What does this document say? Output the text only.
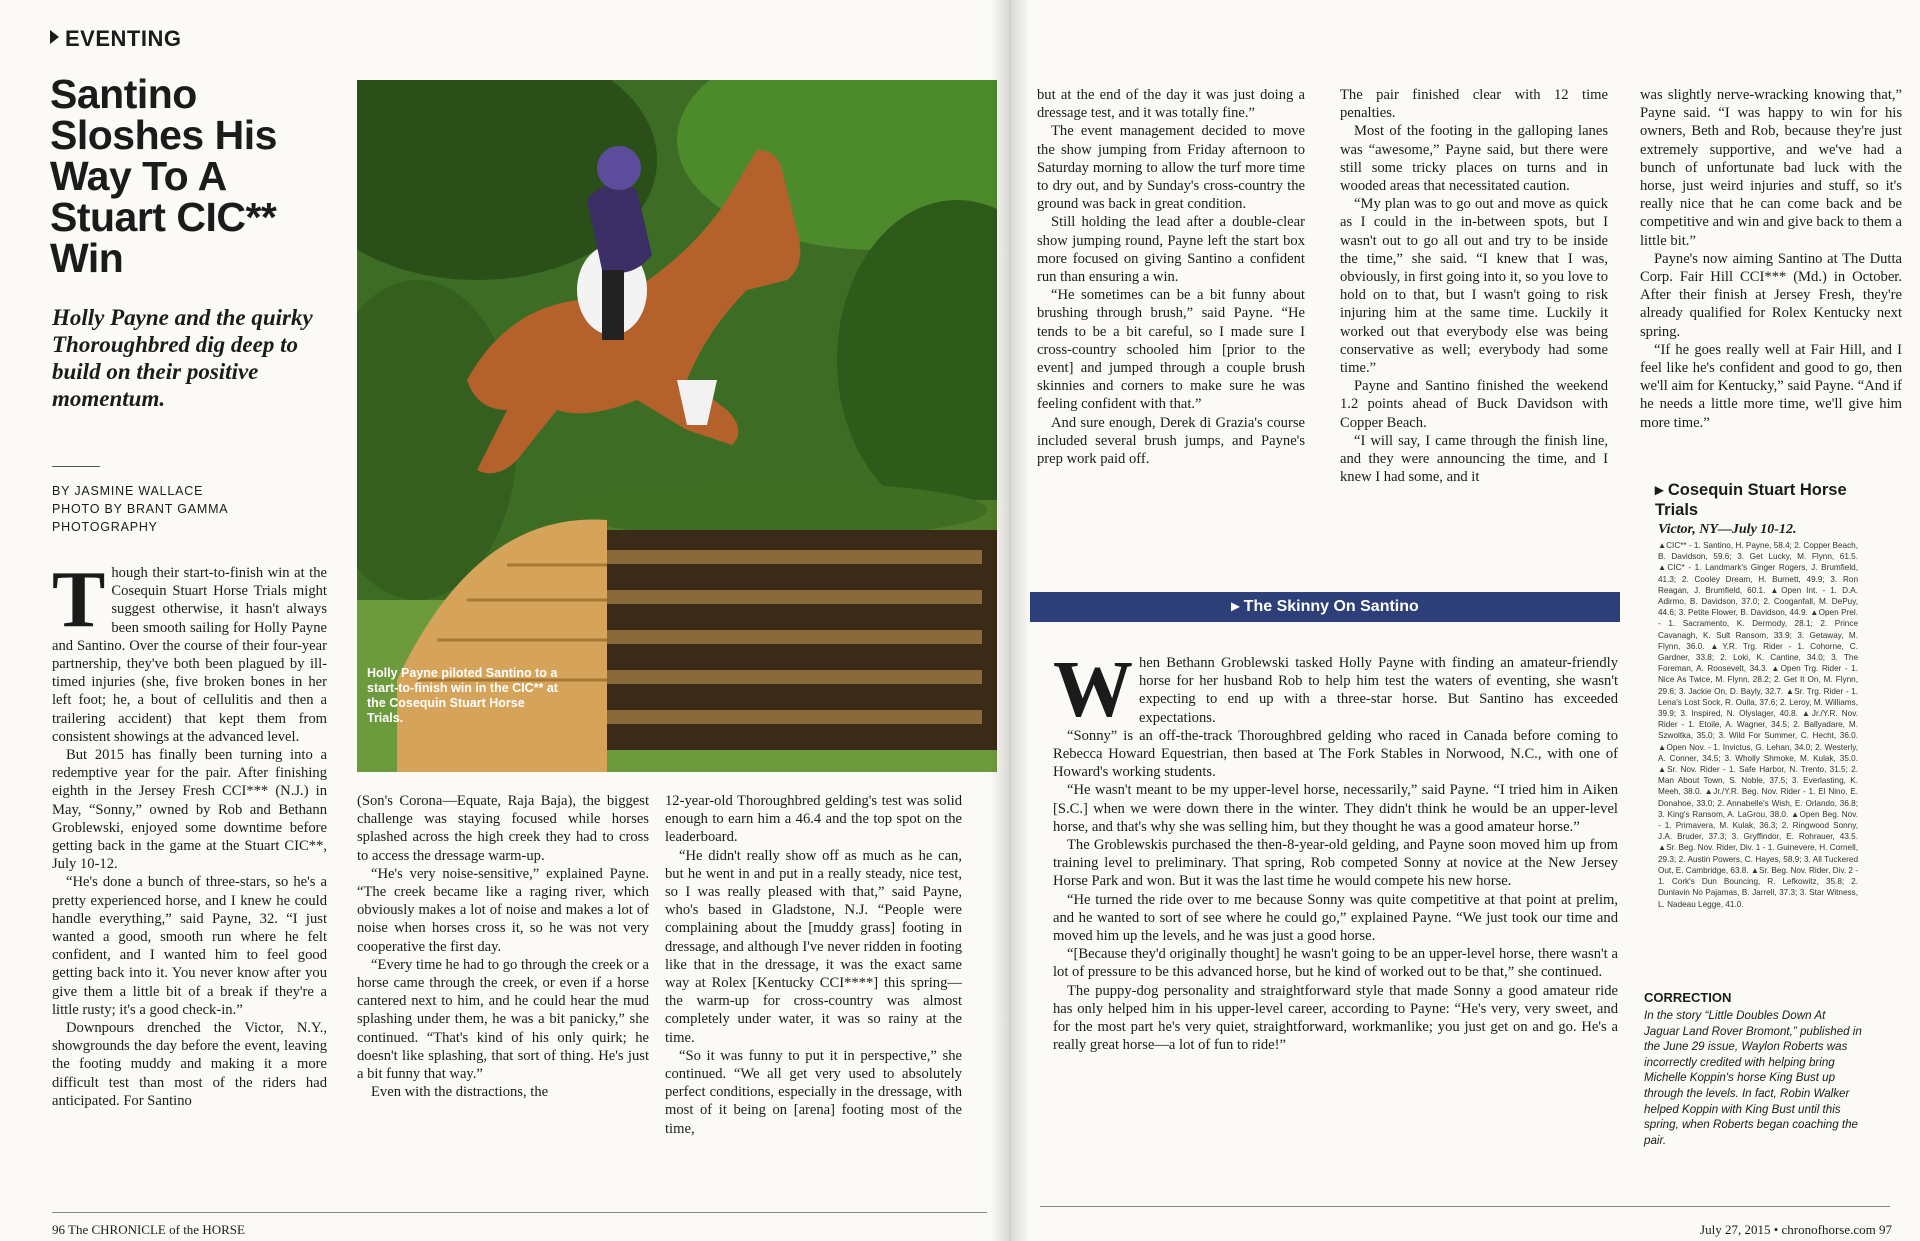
EVENTING
Santino Sloshes His Way To A Stuart CIC** Win
Holly Payne and the quirky Thoroughbred dig deep to build on their positive momentum.
BY JASMINE WALLACE
PHOTO BY BRANT GAMMA PHOTOGRAPHY

Though their start-to-finish win at the Cosequin Stuart Horse Trials might suggest otherwise, it hasn't always been smooth sailing for Holly Payne and Santino. Over the course of their four-year partnership, they've both been plagued by ill-timed injuries (she, five broken bones in her left foot; he, a bout of cellulitis and then a trailering accident) that kept them from consistent showings at the advanced level.

But 2015 has finally been turning into a redemptive year for the pair. After finishing eighth in the Jersey Fresh CCI*** (N.J.) in May, “Sonny,” owned by Rob and Bethann Groblewski, enjoyed some downtime before getting back in the game at the Stuart CIC**, July 10-12.

“He's done a bunch of three-stars, so he's a pretty experienced horse, and I knew he could handle everything,” said Payne, 32. “I just wanted a good, smooth run where he felt confident, and I wanted him to feel good getting back into it. You never know after you give them a little bit of a break if they're a little rusty; it's a good check-in.”

Downpours drenched the Victor, N.Y., showgrounds the day before the event, leaving the footing muddy and making it a more difficult test than most of the riders had anticipated. For Santino

Holly Payne piloted Santino to a start-to-finish win in the CIC** at the Cosequin Stuart Horse Trials.

(Son's Corona—Equate, Raja Baja), the biggest challenge was staying focused while horses splashed across the high creek they had to cross to access the dressage warm-up.

“He's very noise-sensitive,” explained Payne. “The creek became like a raging river, which obviously makes a lot of noise and makes a lot of noise when horses cross it, so he was not very cooperative the first day.

“Every time he had to go through the creek or a horse came through the creek, or even if a horse cantered next to him, and he could hear the mud splashing under them, he was a bit panicky,” she continued. “That's kind of his only quirk; he doesn't like splashing, that sort of thing. He's just a bit funny that way.”

Even with the distractions, the

12-year-old Thoroughbred gelding's test was solid enough to earn him a 46.4 and the top spot on the leaderboard.

“He didn't really show off as much as he can, but he went in and put in a really steady, nice test, so I was really pleased with that,” said Payne, who's based in Gladstone, N.J. “People were complaining about the [muddy grass] footing in dressage, and although I've never ridden in footing like that in the dressage, it was the exact same way at Rolex [Kentucky CCI****] this spring—the warm-up for cross-country was almost completely under water, it was so rainy at the time.

“So it was funny to put it in perspective,” she continued. “We all get very used to absolutely perfect conditions, especially in the dressage, with most of it being on [arena] footing most of the time,

96 The CHRONICLE of the HORSE	July 27, 2015 • chronofhorse.com 97

but at the end of the day it was just doing a dressage test, and it was totally fine.”

The event management decided to move the show jumping from Friday afternoon to Saturday morning to allow the turf more time to dry out, and by Sunday's cross-country the ground was back in great condition.

Still holding the lead after a double-clear show jumping round, Payne left the start box more focused on giving Santino a confident run than ensuring a win.

“He sometimes can be a bit funny about brushing through brush,” said Payne. “He tends to be a bit careful, so I made sure I cross-country schooled him [prior to the event] and jumped through a couple brush skinnies and corners to make sure he was feeling confident with that.”

And sure enough, Derek di Grazia's course included several brush jumps, and Payne's prep work paid off.

The pair finished clear with 12 time penalties.

Most of the footing in the galloping lanes was “awesome,” Payne said, but there were still some tricky places on turns and in wooded areas that necessitated caution.

“My plan was to go out and move as quick as I could in the in-between spots, but I wasn't out to go all out and try to be inside the time,” she said. “I knew that I was, obviously, in first going into it, so you love to hold on to that, but I wasn't going to risk injuring him at the same time. Luckily it worked out that everybody else was being conservative as well; everybody had some time.”

Payne and Santino finished the weekend 1.2 points ahead of Buck Davidson with Copper Beach.

“I will say, I came through the finish line, and they were announcing the time, and I knew I had some, and it

was slightly nerve-wracking knowing that,” Payne said. “I was happy to win for his owners, Beth and Rob, because they're just extremely supportive, and we've had a bunch of unfortunate bad luck with the horse, just weird injuries and stuff, so it's really nice that he can come back and be competitive and win and give back to them a little bit.”

Payne's now aiming Santino at The Dutta Corp. Fair Hill CCI*** (Md.) in October. After their finish at Jersey Fresh, they're already qualified for Rolex Kentucky next spring.

“If he goes really well at Fair Hill, and I feel like he's confident and good to go, then we'll aim for Kentucky,” said Payne. “And if he needs a little more time, we'll give him more time.”

▸ The Skinny On Santino

When Bethann Groblewski tasked Holly Payne with finding an amateur-friendly horse for her husband Rob to help him test the waters of eventing, she wasn't expecting to end up with a three-star horse. But Santino has exceeded expectations.

“Sonny” is an off-the-track Thoroughbred gelding who raced in Canada before coming to Rebecca Howard Equestrian, then based at The Fork Stables in Norwood, N.C., with one of Howard's working students.

“He wasn't meant to be my upper-level horse, necessarily,” said Payne. “I tried him in Aiken [S.C.] when we were down there in the winter. They didn't think he would be an upper-level horse, and that's why she was selling him, but they thought he was a good amateur horse.”

The Groblewskis purchased the then-8-year-old gelding, and Payne soon moved him up from training level to preliminary. That spring, Rob competed Sonny at novice at the New Jersey Horse Park and won. But it was the last time he would compete his new horse.

“He turned the ride over to me because Sonny was quite competitive at that point at prelim, and he wanted to sort of see where he could go,” explained Payne. “We just took our time and moved him up the levels, and he was just a good horse.

“[Because they'd originally thought] he wasn't going to be an upper-level horse, there wasn't a lot of pressure to be this advanced horse, but he kind of worked out to be that,” she continued.

The puppy-dog personality and straightforward style that made Sonny a good amateur ride has only helped him in his upper-level career, according to Payne: “He's very, very sweet, and for the most part he's very quiet, straightforward, workmanlike; you just get on and go. He's a really great horse—a lot of fun to ride!”

▸ Cosequin Stuart Horse Trials
Victor, NY—July 10-12.
▲CIC** - 1. Santino, H. Payne, 58.4; 2. Copper Beach, B. Davidson, 59.6; 3. Get Lucky, M. Flynn, 61.5. ▲CIC* - 1. Landmark's Ginger Rogers, J. Brumfield, 41.3; 2. Cooley Dream, H. Burnett, 49.9; 3. Ron Reagan, J. Brumfield, 60.1. ▲Open Int. - 1. D.A. Adirmo, B. Davidson, 37.0; 2. Cooganfall, M. DePuy, 44.6; 3. Petite Flower, B. Davidson, 44.9. ▲Open Prel. - 1. Sacramento, K. Dermody, 28.1; 2. Prince Cavanagh, K. Sult Ransom, 33.9; 3. Getaway, M. Flynn, 36.0. ▲Y.R. Trg. Rider - 1. Cohorne, C. Gardner, 33.8; 2. Loki, K. Cantine, 34.0; 3. The Foreman, A. Roosevelt, 34.3. ▲Open Trg. Rider - 1. Nice As Twice, M. Flynn, 28.2; 2. Get It On, M. Flynn, 29.6; 3. Jackie On, D. Bayly, 32.7. ▲Sr. Trg. Rider - 1. Lena's Lost Sock, R. Oulla, 37.6; 2. Leroy, M. Williams, 39.9; 3. Inspired, N. Olyslager, 40.8. ▲Jr./Y.R. Nov. Rider - 1. Etoile, A. Wagner, 34.5; 2. Ballyadare, M. Szwoltka, 35.0; 3. Wild For Summer, C. Hecht, 36.0. ▲Open Nov. - 1. Invictus, G. Lehan, 34.0; 2. Westerly, A. Conner, 34.5; 3. Wholly Shmoke, M. Kulak, 35.0. ▲Sr. Nov. Rider - 1. Safe Harbor, N. Trento, 31.5; 2. Man About Town, S. Noble, 37.5; 3. Everlasting, K. Meeh, 38.0. ▲Jr./Y.R. Beg. Nov. Rider - 1. El Nino, E. Donahoe, 33.0; 2. Annabelle's Wish, E. Orlando, 36.8; 3. King's Ransom, A. LaGrou, 38.0. ▲Open Beg. Nov. - 1. Primavera, M. Kulak, 36.3; 2. Ringwood Sonny, J.A. Bruder, 37.3; 3. Gryffindor, E. Rohrauer, 43.5. ▲Sr. Beg. Nov. Rider, Div. 1 - 1. Guinevere, H. Cornell, 29.3; 2. Austin Powers, C. Hayes, 58.9; 3. All Tuckered Out, E. Cambridge, 63.8. ▲Sr. Beg. Nov. Rider, Div. 2 - 1. Cork's Dun Bouncing, R. Lefkowitz, 35.8; 2. Dunlavin No Pajamas, B. Jarrell, 37.3; 3. Star Witness, L. Nadeau Legge, 41.0.
CORRECTION
In the story “Little Doubles Down At Jaguar Land Rover Bromont,” published in the June 29 issue, Waylon Roberts was incorrectly credited with helping bring Michelle Koppin's horse King Bust up through the levels. In fact, Robin Walker helped Koppin with King Bust until this spring, when Roberts began coaching the pair.
